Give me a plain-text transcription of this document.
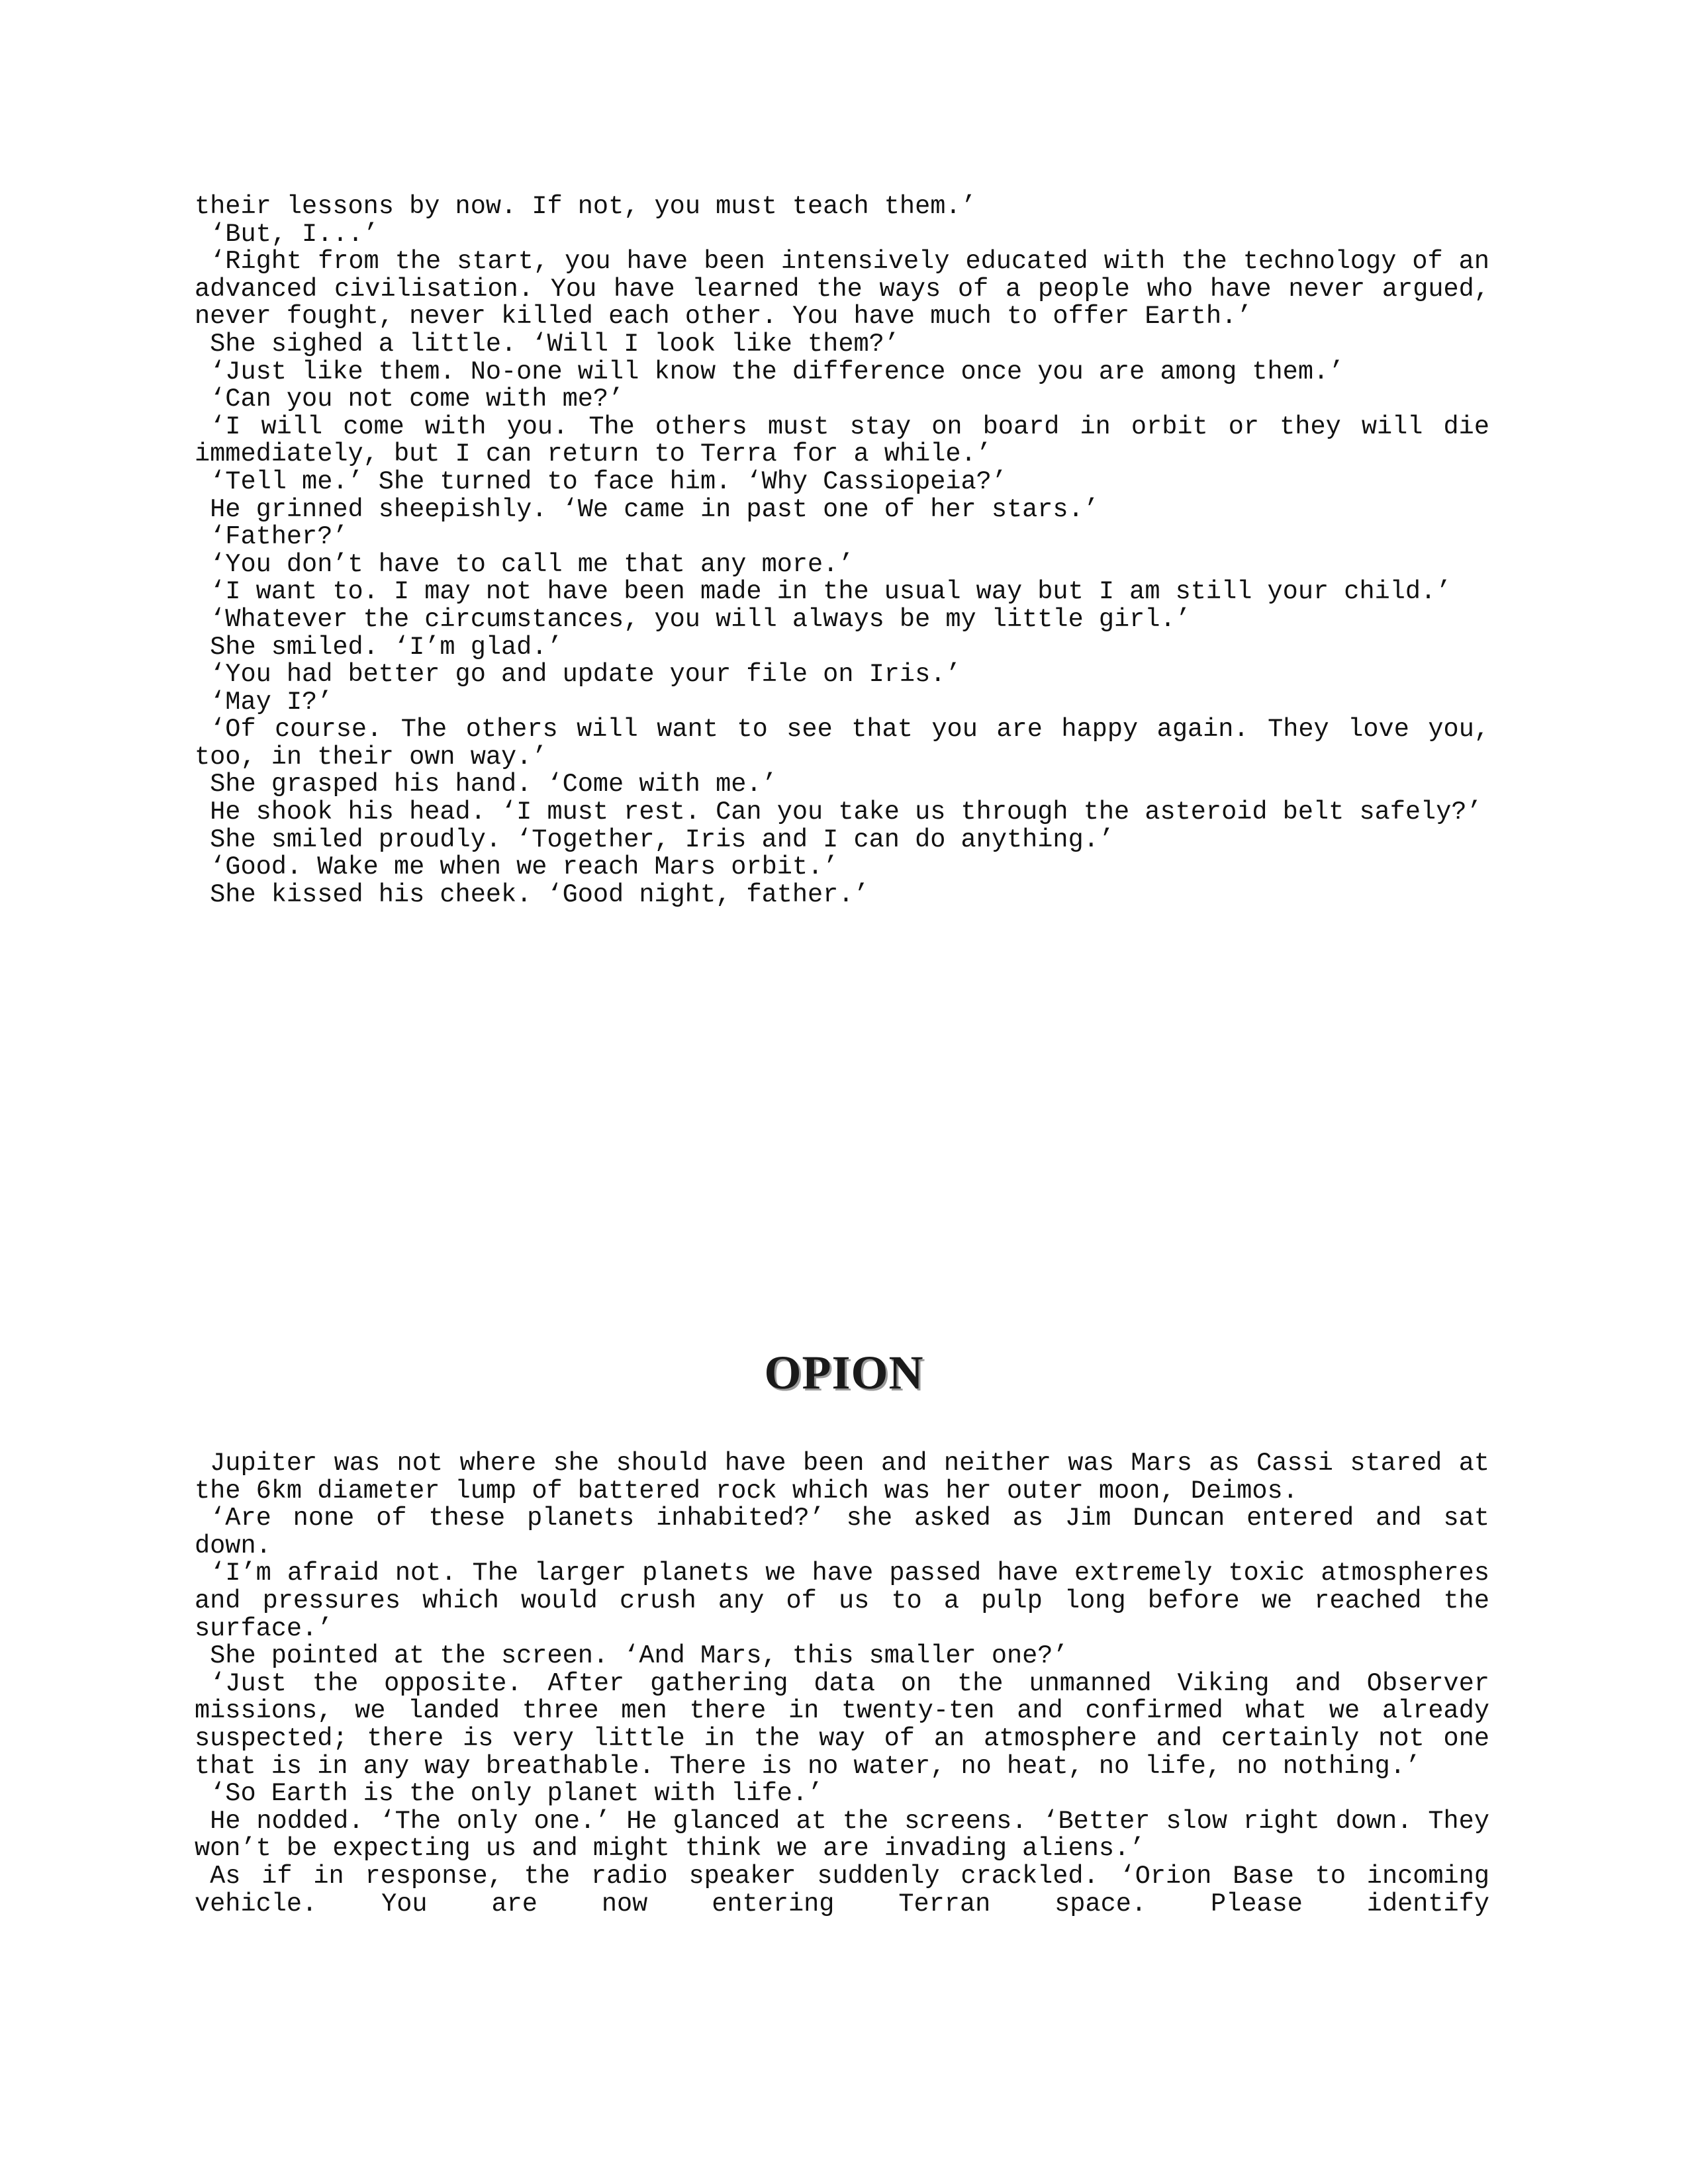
their lessons by now. If not, you must teach them.’

‘But, I...’

‘Right from the start, you have been intensively educated with the technology of an advanced civilisation. You have learned the ways of a people who have never argued, never fought, never killed each other. You have much to offer Earth.’

She sighed a little. ‘Will I look like them?’

‘Just like them. No-one will know the difference once you are among them.’

‘Can you not come with me?’

‘I will come with you. The others must stay on board in orbit or they will die immediately, but I can return to Terra for a while.’

‘Tell me.’ She turned to face him. ‘Why Cassiopeia?’

He grinned sheepishly. ‘We came in past one of her stars.’

‘Father?’

‘You don’t have to call me that any more.’

‘I want to. I may not have been made in the usual way but I am still your child.’

‘Whatever the circumstances, you will always be my little girl.’

She smiled. ‘I’m glad.’

‘You had better go and update your file on Iris.’

‘May I?’

‘Of course. The others will want to see that you are happy again. They love you, too, in their own way.’

She grasped his hand. ‘Come with me.’

He shook his head. ‘I must rest. Can you take us through the asteroid belt safely?’

She smiled proudly. ‘Together, Iris and I can do anything.’

‘Good. Wake me when we reach Mars orbit.’

She kissed his cheek. ‘Good night, father.’

OPION

Jupiter was not where she should have been and neither was Mars as Cassi stared at the 6km diameter lump of battered rock which was her outer moon, Deimos.

‘Are none of these planets inhabited?’ she asked as Jim Duncan entered and sat down.

‘I’m afraid not. The larger planets we have passed have extremely toxic atmospheres and pressures which would crush any of us to a pulp long before we reached the surface.’

She pointed at the screen. ‘And Mars, this smaller one?’

‘Just the opposite. After gathering data on the unmanned Viking and Observer missions, we landed three men there in twenty-ten and confirmed what we already suspected; there is very little in the way of an atmosphere and certainly not one that is in any way breathable. There is no water, no heat, no life, no nothing.’

‘So Earth is the only planet with life.’

He nodded. ‘The only one.’ He glanced at the screens. ‘Better slow right down. They won’t be expecting us and might think we are invading aliens.’

As if in response, the radio speaker suddenly crackled. ‘Orion Base to incoming vehicle. You are now entering Terran space. Please identify
